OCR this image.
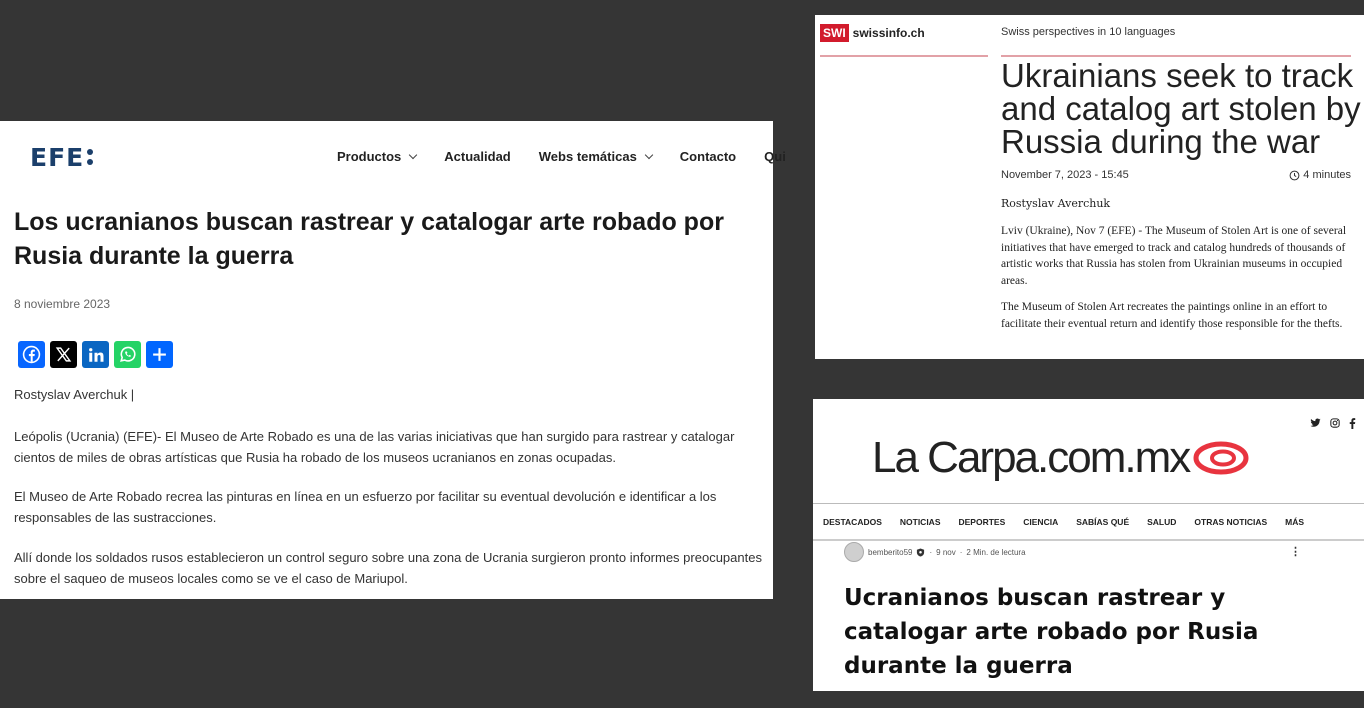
EFE	Productos	Actualidad Webs temáticas	Contacto Qui
Los ucranianos buscan rastrear y catalogar arte robado por Rusia durante la guerra
8 noviembre 2023
Rostyslav Averchuk |

Leópolis (Ucrania) (EFE)- El Museo de Arte Robado es una de las varias iniciativas que han surgido para rastrear y catalogar cientos de miles de obras artísticas que Rusia ha robado de los museos ucranianos en zonas ocupadas.

El Museo de Arte Robado recrea las pinturas en línea en un esfuerzo por facilitar su eventual devolución e identificar a los responsables de las sustracciones.

Allí donde los soldados rusos establecieron un control seguro sobre una zona de Ucrania surgieron pronto informes preocupantes sobre el saqueo de museos locales como se ve el caso de Mariupol.

SWI swissinfo.ch	Swiss perspectives in 10 languages
Ukrainians seek to track and catalog art stolen by Russia during the war
November 7, 2023 - 15:45	4 minutes
Rostyslav Averchuk

Lviv (Ukraine), Nov 7 (EFE) - The Museum of Stolen Art is one of several initiatives that have emerged to track and catalog hundreds of thousands of artistic works that Russia has stolen from Ukrainian museums in occupied areas.

The Museum of Stolen Art recreates the paintings online in an effort to facilitate their eventual return and identify those responsible for the thefts.

La Carpa.com.mx
DESTACADOS NOTICIAS DEPORTES CIENCIA SABÍAS QUÉ SALUD OTRAS NOTICIAS MÁS
bemberito59 · 9 nov · 2 Min. de lectura	⋮
Ucranianos buscan rastrear y catalogar arte robado por Rusia durante la guerra
